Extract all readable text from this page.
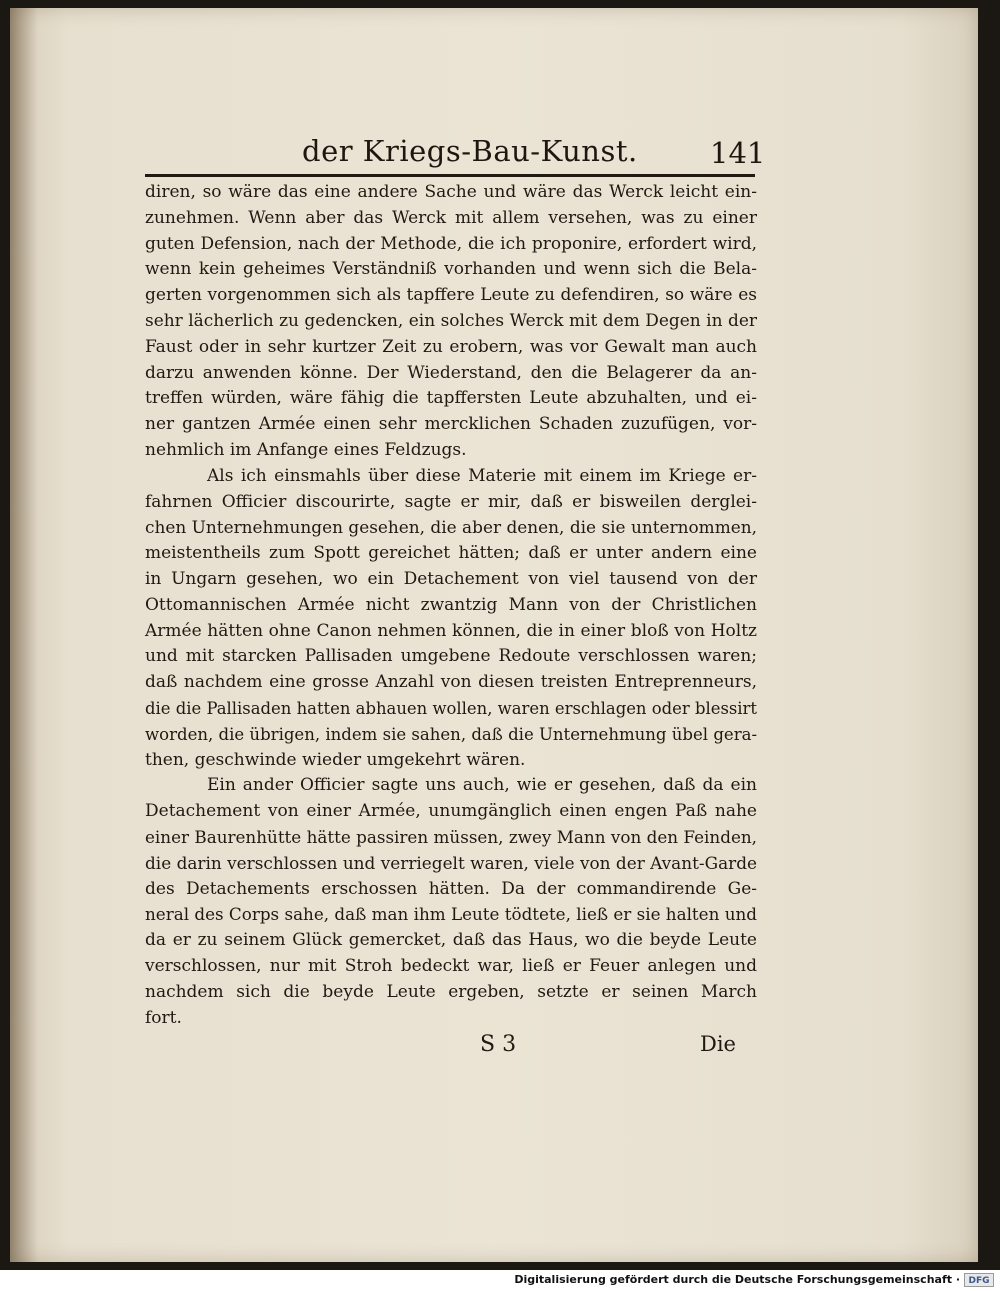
der Kriegs-Bau-Kunst. 141
diren, so wäre das eine andere Sache und wäre das Werck leicht ein-
zunehmen. Wenn aber das Werck mit allem versehen, was zu einer
guten Defension, nach der Methode, die ich proponire, erfordert wird,
wenn kein geheimes Verständniß vorhanden und wenn sich die Bela-
gerten vorgenommen sich als tapffere Leute zu defendiren, so wäre es
sehr lächerlich zu gedencken, ein solches Werck mit dem Degen in der
Faust oder in sehr kurtzer Zeit zu erobern, was vor Gewalt man auch
darzu anwenden könne. Der Wiederstand, den die Belagerer da an-
treffen würden, wäre fähig die tapffersten Leute abzuhalten, und ei-
ner gantzen Armée einen sehr mercklichen Schaden zuzufügen, vor-
nehmlich im Anfange eines Feldzugs.
Als ich einsmahls über diese Materie mit einem im Kriege er-
fahrnen Officier discourirte, sagte er mir, daß er bisweilen derglei-
chen Unternehmungen gesehen, die aber denen, die sie unternommen,
meistentheils zum Spott gereichet hätten; daß er unter andern eine
in Ungarn gesehen, wo ein Detachement von viel tausend von der
Ottomannischen Armée nicht zwantzig Mann von der Christlichen
Armée hätten ohne Canon nehmen können, die in einer bloß von Holtz
und mit starcken Pallisaden umgebene Redoute verschlossen waren;
daß nachdem eine grosse Anzahl von diesen treisten Entreprenneurs,
die die Pallisaden hatten abhauen wollen, waren erschlagen oder blessirt
worden, die übrigen, indem sie sahen, daß die Unternehmung übel gera-
then, geschwinde wieder umgekehrt wären.
Ein ander Officier sagte uns auch, wie er gesehen, daß da ein
Detachement von einer Armée, unumgänglich einen engen Paß nahe
einer Baurenhütte hätte passiren müssen, zwey Mann von den Feinden,
die darin verschlossen und verriegelt waren, viele von der Avant-Garde
des Detachements erschossen hätten. Da der commandirende Ge-
neral des Corps sahe, daß man ihm Leute tödtete, ließ er sie halten und
da er zu seinem Glück gemercket, daß das Haus, wo die beyde Leute
verschlossen, nur mit Stroh bedeckt war, ließ er Feuer anlegen und
nachdem sich die beyde Leute ergeben, setzte er seinen March
fort.
S 3	Die
Digitalisierung gefördert durch die Deutsche Forschungsgemeinschaft · DFG
